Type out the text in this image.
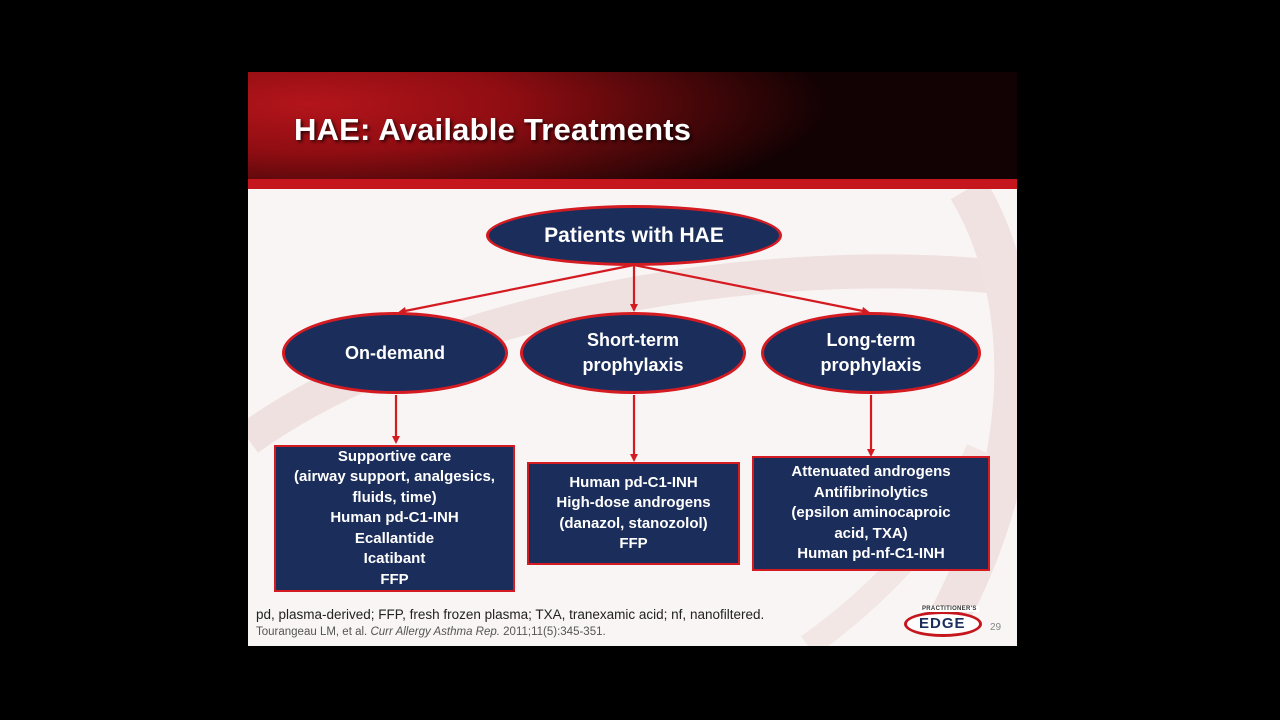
HAE: Available Treatments
Patients with HAE
On-demand
Short-term
prophylaxis
Long-term
prophylaxis
Supportive care
(airway support, analgesics,
fluids, time)
Human pd-C1-INH
Ecallantide
Icatibant
FFP
Human pd-C1-INH
High-dose androgens
(danazol, stanozolol)
FFP
Attenuated androgens
Antifibrinolytics
(epsilon aminocaproic
acid, TXA)
Human pd-nf-C1-INH
pd, plasma-derived; FFP, fresh frozen plasma; TXA, tranexamic acid; nf, nanofiltered.
Tourangeau LM, et al. Curr Allergy Asthma Rep. 2011;11(5):345-351.
PRACTITIONER'S
EDGE 29
